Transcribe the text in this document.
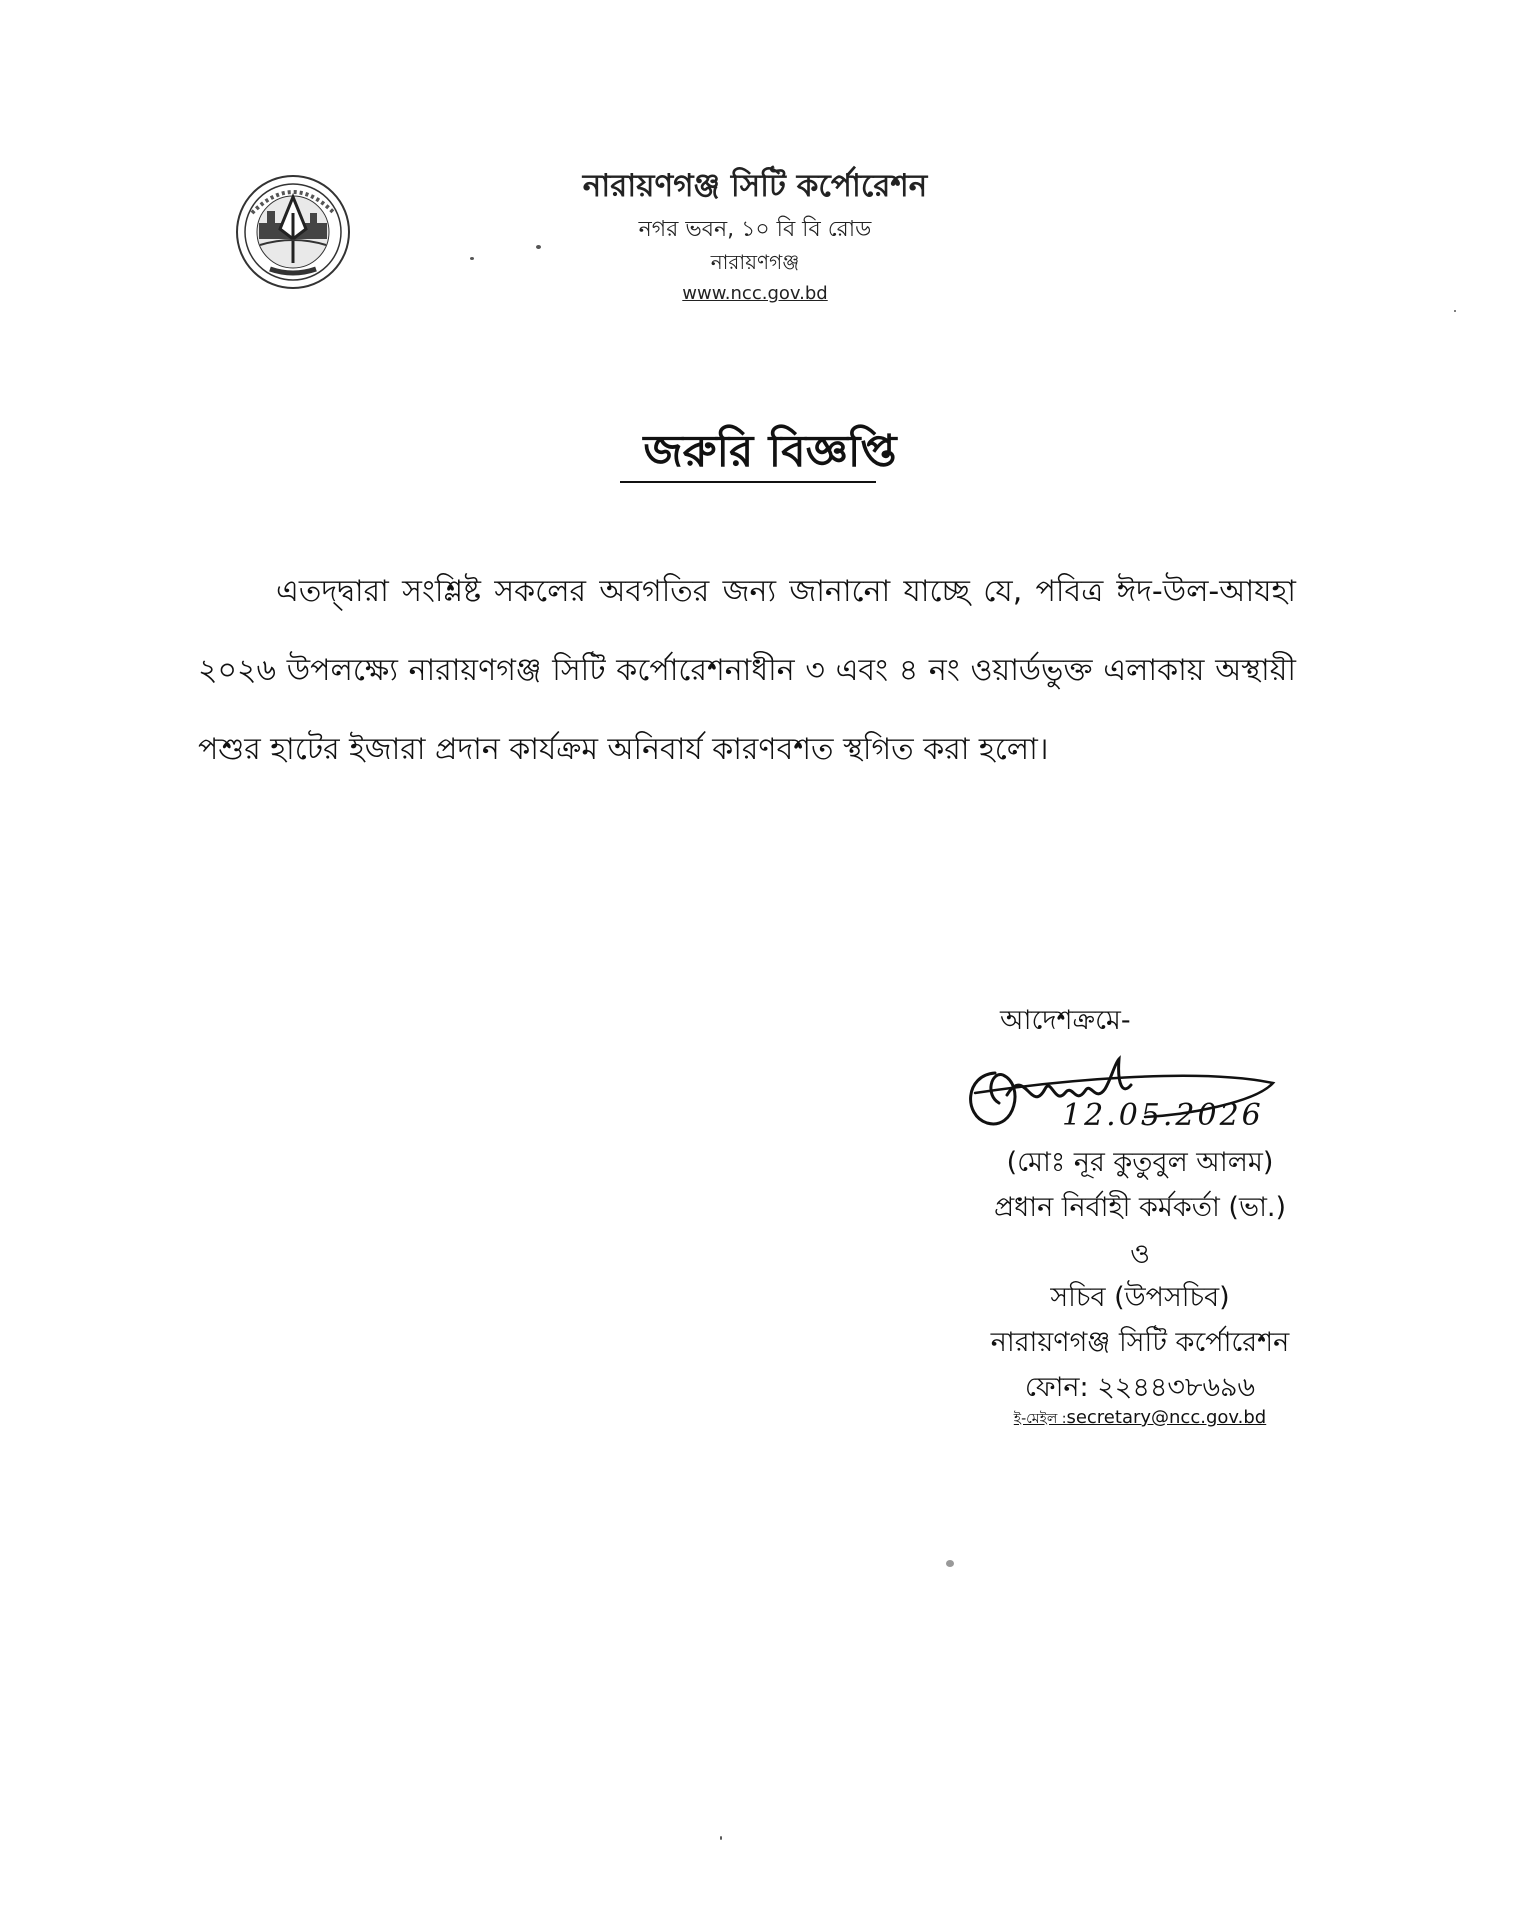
নারায়ণগঞ্জ সিটি কর্পোরেশন
নগর ভবন, ১০ বি বি রোড
নারায়ণগঞ্জ
www.ncc.gov.bd
জরুরি বিজ্ঞপ্তি
এতদ্দ্বারা সংশ্লিষ্ট সকলের অবগতির জন্য জানানো যাচ্ছে যে, পবিত্র ঈদ-উল-আযহা ২০২৬ উপলক্ষ্যে নারায়ণগঞ্জ সিটি কর্পোরেশনাধীন ৩ এবং ৪ নং ওয়ার্ডভুক্ত এলাকায় অস্থায়ী পশুর হাটের ইজারা প্রদান কার্যক্রম অনিবার্য কারণবশত স্থগিত করা হলো।
আদেশক্রমে-
12.05.2026
(মোঃ নূর কুতুবুল আলম)
প্রধান নির্বাহী কর্মকর্তা (ভা.)
ও
সচিব (উপসচিব)
নারায়ণগঞ্জ সিটি কর্পোরেশন
ফোন: ২২৪৪৩৮৬৯৬
ই-মেইল :secretary@ncc.gov.bd
